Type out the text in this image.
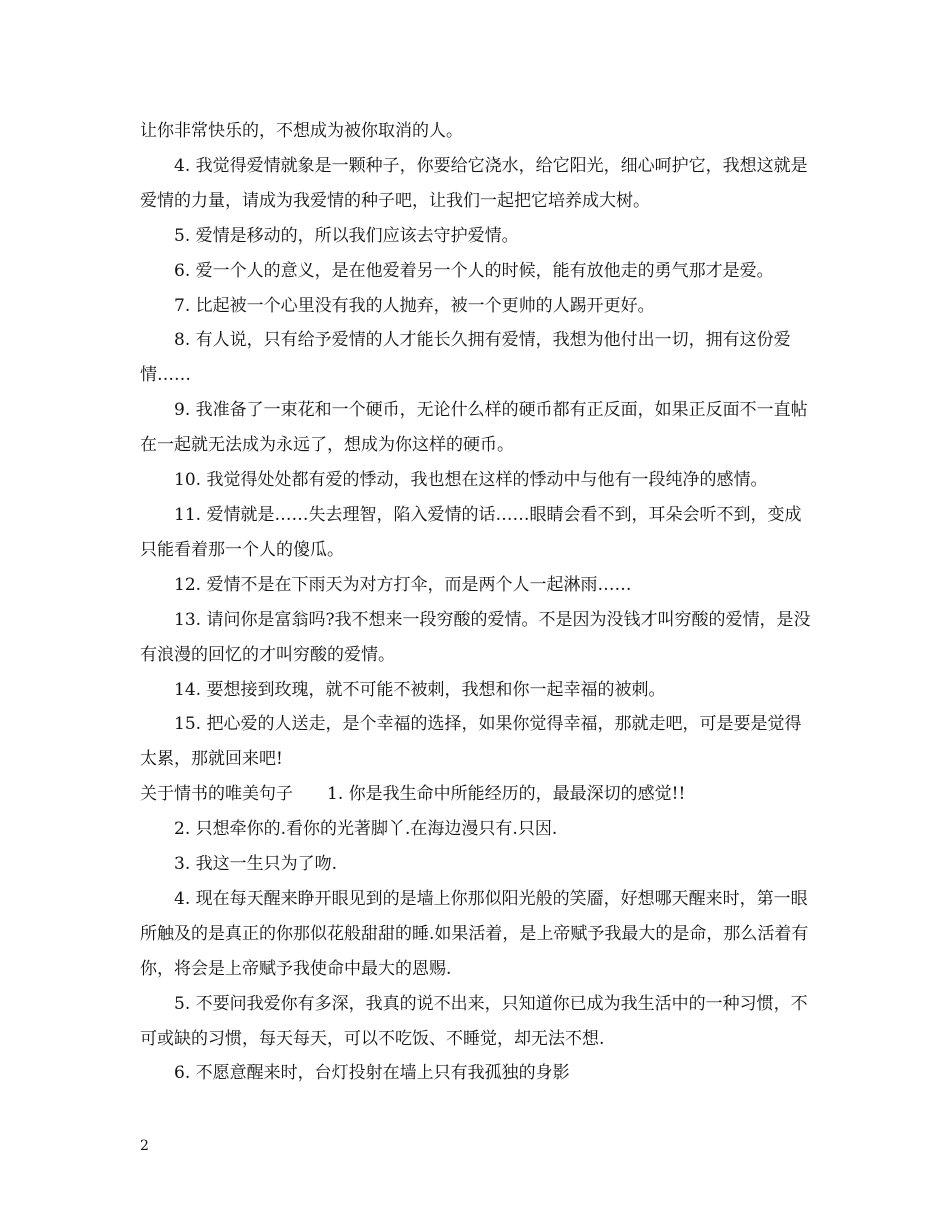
让你非常快乐的，不想成为被你取消的人。

4. 我觉得爱情就象是一颗种子，你要给它浇水，给它阳光，细心呵护它，我想这就是爱情的力量，请成为我爱情的种子吧，让我们一起把它培养成大树。

5. 爱情是移动的，所以我们应该去守护爱情。

6. 爱一个人的意义，是在他爱着另一个人的时候，能有放他走的勇气那才是爱。

7. 比起被一个心里没有我的人抛弃，被一个更帅的人踢开更好。

8. 有人说，只有给予爱情的人才能长久拥有爱情，我想为他付出一切，拥有这份爱情……

9. 我准备了一束花和一个硬币，无论什么样的硬币都有正反面，如果正反面不一直帖在一起就无法成为永远了，想成为你这样的硬币。

10. 我觉得处处都有爱的悸动，我也想在这样的悸动中与他有一段纯净的感情。

11. 爱情就是……失去理智，陷入爱情的话……眼睛会看不到，耳朵会听不到，变成只能看着那一个人的傻瓜。

12. 爱情不是在下雨天为对方打伞，而是两个人一起淋雨……

13. 请问你是富翁吗?我不想来一段穷酸的爱情。不是因为没钱才叫穷酸的爱情，是没有浪漫的回忆的才叫穷酸的爱情。

14. 要想接到玫瑰，就不可能不被刺，我想和你一起幸福的被刺。

15. 把心爱的人送走，是个幸福的选择，如果你觉得幸福，那就走吧，可是要是觉得太累，那就回来吧!

关于情书的唯美句子 1. 你是我生命中所能经历的，最最深切的感觉!!

2. 只想牵你的.看你的光著脚丫.在海边漫只有.只因.

3. 我这一生只为了吻.

4. 现在每天醒来睁开眼见到的是墙上你那似阳光般的笑靥，好想哪天醒来时，第一眼所触及的是真正的你那似花般甜甜的睡.如果活着，是上帝赋予我最大的是命，那么活着有你，将会是上帝赋予我使命中最大的恩赐.

5. 不要问我爱你有多深，我真的说不出来，只知道你已成为我生活中的一种习惯，不可或缺的习惯，每天每天，可以不吃饭、不睡觉，却无法不想.

6. 不愿意醒来时，台灯投射在墙上只有我孤独的身影

2
